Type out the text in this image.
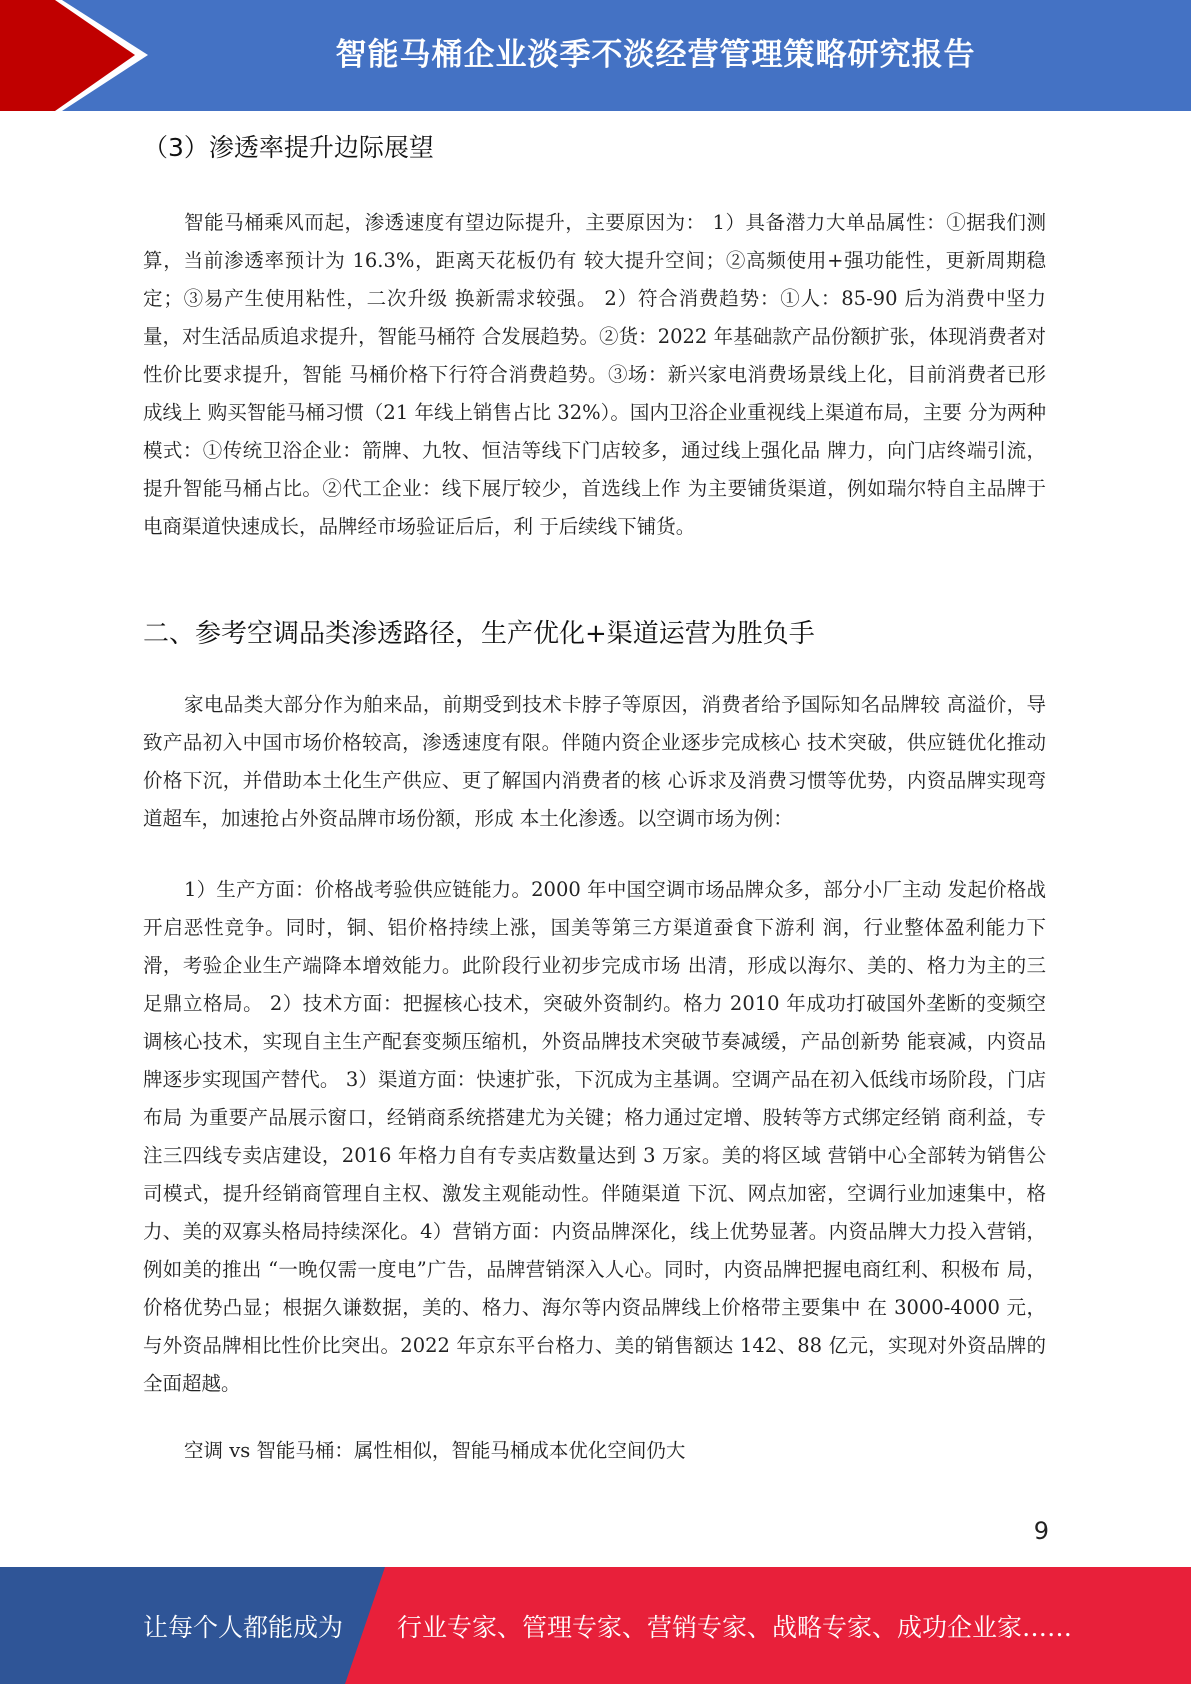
智能马桶企业淡季不淡经营管理策略研究报告
（3）渗透率提升边际展望

智能马桶乘风而起，渗透速度有望边际提升，主要原因为： 1）具备潜力大单品属性：①据我们测算，当前渗透率预计为 16.3%，距离天花板仍有 较大提升空间；②高频使用+强功能性，更新周期稳定；③易产生使用粘性，二次升级 换新需求较强。 2）符合消费趋势：①人：85-90 后为消费中坚力量，对生活品质追求提升，智能马桶符 合发展趋势。②货：2022 年基础款产品份额扩张，体现消费者对性价比要求提升，智能 马桶价格下行符合消费趋势。③场：新兴家电消费场景线上化，目前消费者已形成线上 购买智能马桶习惯（21 年线上销售占比 32%）。国内卫浴企业重视线上渠道布局，主要 分为两种模式：①传统卫浴企业：箭牌、九牧、恒洁等线下门店较多，通过线上强化品 牌力，向门店终端引流，提升智能马桶占比。②代工企业：线下展厅较少，首选线上作 为主要铺货渠道，例如瑞尔特自主品牌于电商渠道快速成长，品牌经市场验证后后，利 于后续线下铺货。

二、参考空调品类渗透路径，生产优化+渠道运营为胜负手

家电品类大部分作为舶来品，前期受到技术卡脖子等原因，消费者给予国际知名品牌较 高溢价，导致产品初入中国市场价格较高，渗透速度有限。伴随内资企业逐步完成核心 技术突破，供应链优化推动价格下沉，并借助本土化生产供应、更了解国内消费者的核 心诉求及消费习惯等优势，内资品牌实现弯道超车，加速抢占外资品牌市场份额，形成 本土化渗透。以空调市场为例：

1）生产方面：价格战考验供应链能力。2000 年中国空调市场品牌众多，部分小厂主动 发起价格战开启恶性竞争。同时，铜、铝价格持续上涨，国美等第三方渠道蚕食下游利 润，行业整体盈利能力下滑，考验企业生产端降本增效能力。此阶段行业初步完成市场 出清，形成以海尔、美的、格力为主的三足鼎立格局。 2）技术方面：把握核心技术，突破外资制约。格力 2010 年成功打破国外垄断的变频空 调核心技术，实现自主生产配套变频压缩机，外资品牌技术突破节奏减缓，产品创新势 能衰减，内资品牌逐步实现国产替代。 3）渠道方面：快速扩张，下沉成为主基调。空调产品在初入低线市场阶段，门店布局 为重要产品展示窗口，经销商系统搭建尤为关键；格力通过定增、股转等方式绑定经销 商利益，专注三四线专卖店建设，2016 年格力自有专卖店数量达到 3 万家。美的将区域 营销中心全部转为销售公司模式，提升经销商管理自主权、激发主观能动性。伴随渠道 下沉、网点加密，空调行业加速集中，格力、美的双寡头格局持续深化。4）营销方面：内资品牌深化，线上优势显著。内资品牌大力投入营销，例如美的推出 “一晚仅需一度电”广告，品牌营销深入人心。同时，内资品牌把握电商红利、积极布 局，价格优势凸显；根据久谦数据，美的、格力、海尔等内资品牌线上价格带主要集中 在 3000-4000 元，与外资品牌相比性价比突出。2022 年京东平台格力、美的销售额达 142、88 亿元，实现对外资品牌的全面超越。

空调 vs 智能马桶：属性相似，智能马桶成本优化空间仍大

9
让每个人都能成为 行业专家、管理专家、营销专家、战略专家、成功企业家……
